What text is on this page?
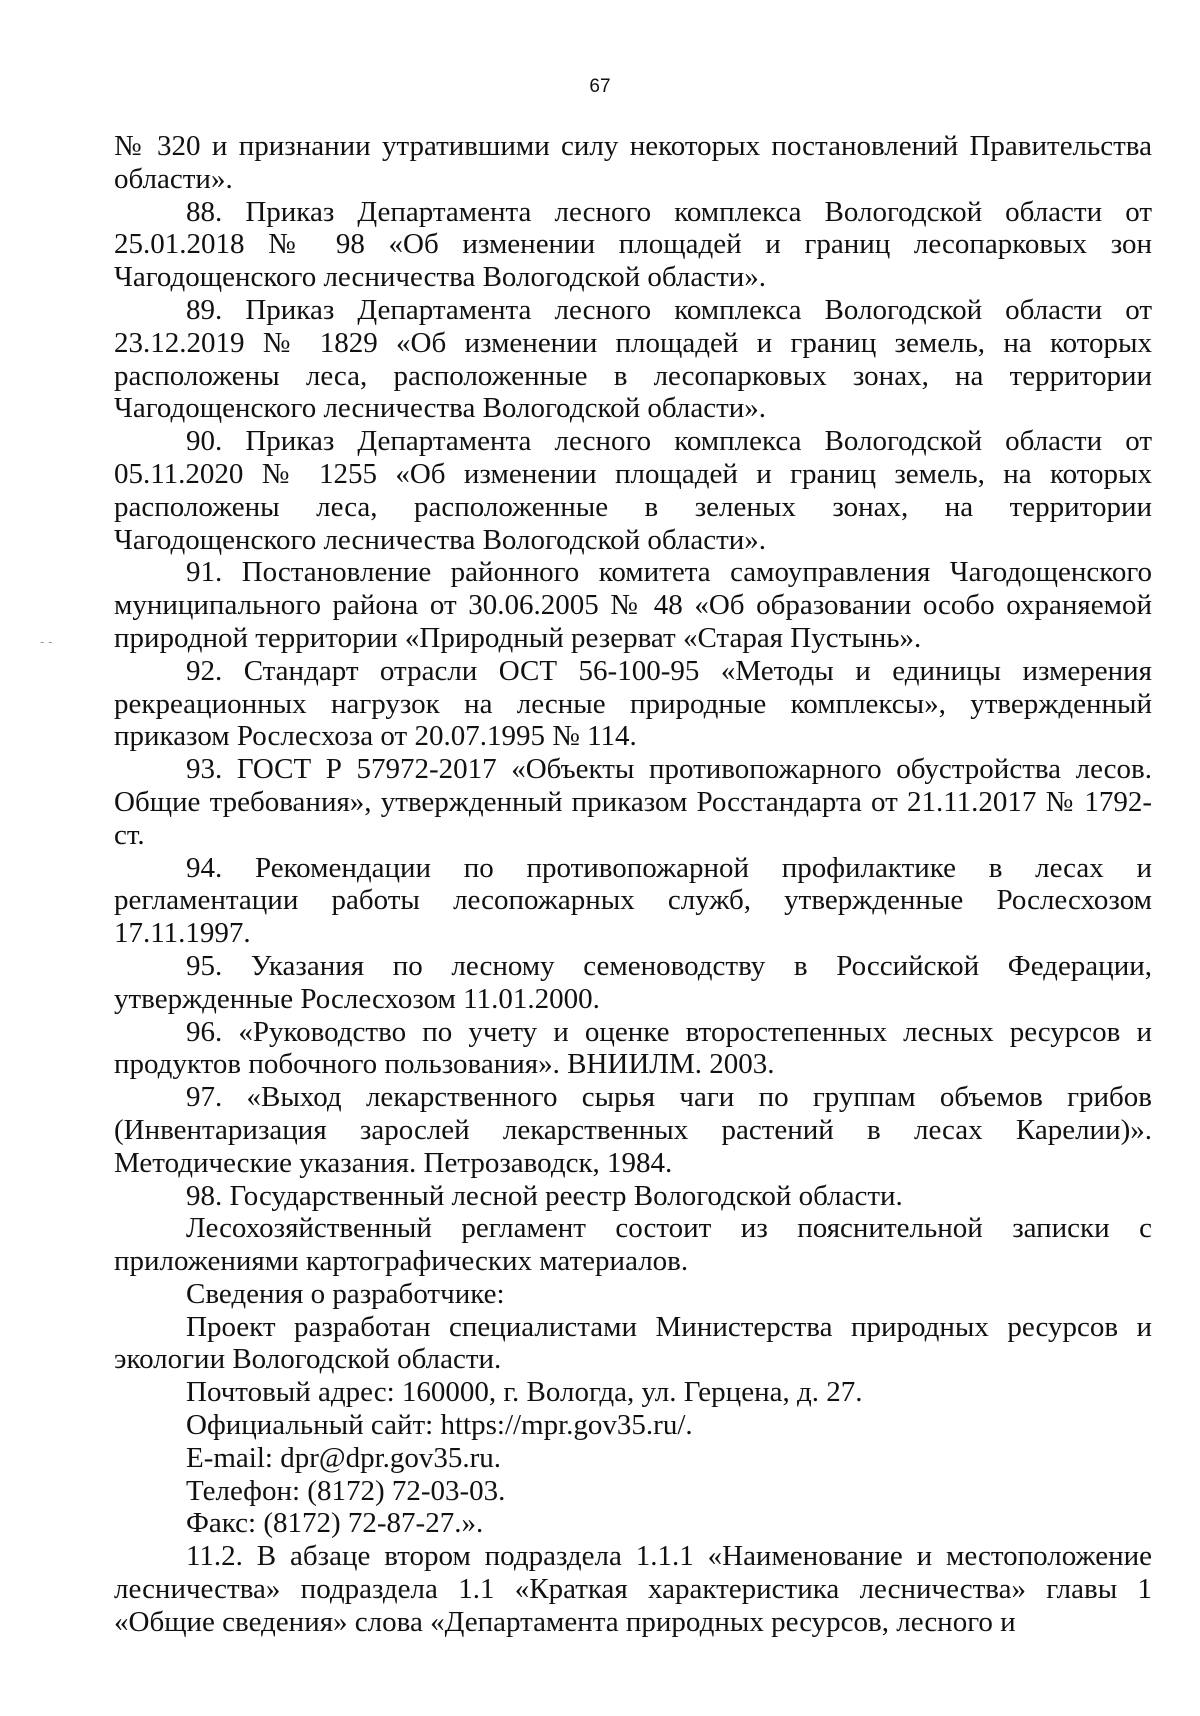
67

№ 320 и признании утратившими силу некоторых постановлений Правительства области».

88. Приказ Департамента лесного комплекса Вологодской области от 25.01.2018 № 98 «Об изменении площадей и границ лесопарковых зон Чагодощенского лесничества Вологодской области».

89. Приказ Департамента лесного комплекса Вологодской области от 23.12.2019 № 1829 «Об изменении площадей и границ земель, на которых расположены леса, расположенные в лесопарковых зонах, на территории Чагодощенского лесничества Вологодской области».

90. Приказ Департамента лесного комплекса Вологодской области от 05.11.2020 № 1255 «Об изменении площадей и границ земель, на которых расположены леса, расположенные в зеленых зонах, на территории Чагодощенского лесничества Вологодской области».

91. Постановление районного комитета самоуправления Чагодощенского муниципального района от 30.06.2005 № 48 «Об образовании особо охраняемой природной территории «Природный резерват «Старая Пустынь».

92. Стандарт отрасли ОСТ 56-100-95 «Методы и единицы измерения рекреационных нагрузок на лесные природные комплексы», утвержденный приказом Рослесхоза от 20.07.1995 № 114.

93. ГОСТ Р 57972-2017 «Объекты противопожарного обустройства лесов. Общие требования», утвержденный приказом Росстандарта от 21.11.2017 № 1792-ст.

94. Рекомендации по противопожарной профилактике в лесах и регламентации работы лесопожарных служб, утвержденные Рослесхозом 17.11.1997.

95. Указания по лесному семеноводству в Российской Федерации, утвержденные Рослесхозом 11.01.2000.

96. «Руководство по учету и оценке второстепенных лесных ресурсов и продуктов побочного пользования». ВНИИЛМ. 2003.

97. «Выход лекарственного сырья чаги по группам объемов грибов (Инвентаризация зарослей лекарственных растений в лесах Карелии)». Методические указания. Петрозаводск, 1984.

98. Государственный лесной реестр Вологодской области.

Лесохозяйственный регламент состоит из пояснительной записки с приложениями картографических материалов.

Сведения о разработчике:

Проект разработан специалистами Министерства природных ресурсов и экологии Вологодской области.

Почтовый адрес: 160000, г. Вологда, ул. Герцена, д. 27.

Официальный сайт: https://mpr.gov35.ru/.

E-mail: dpr@dpr.gov35.ru.

Телефон: (8172) 72-03-03.

Факс: (8172) 72-87-27.».

11.2. В абзаце втором подраздела 1.1.1 «Наименование и местоположение лесничества» подраздела 1.1 «Краткая характеристика лесничества» главы 1 «Общие сведения» слова «Департамента природных ресурсов, лесного и

- -
